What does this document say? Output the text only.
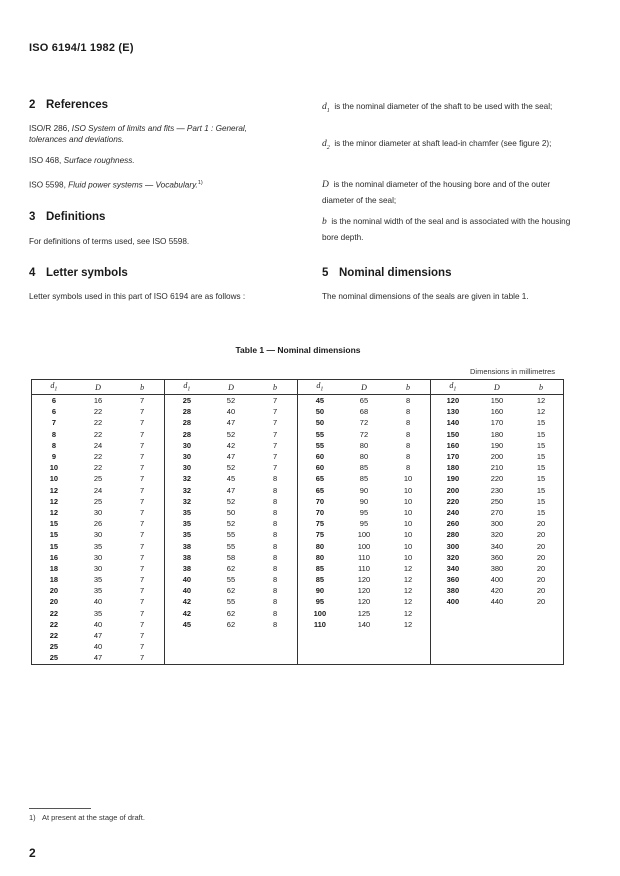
ISO 6194/1 1982 (E)
2 References
ISO/R 286, ISO System of limits and fits — Part 1 : General, tolerances and deviations.
ISO 468, Surface roughness.
ISO 5598, Fluid power systems — Vocabulary.$^{1)}$
3 Definitions
For definitions of terms used, see ISO 5598.
4 Letter symbols
Letter symbols used in this part of ISO 6194 are as follows :
$d_1$ is the nominal diameter of the shaft to be used with the seal;
$d_2$ is the minor diameter at shaft lead-in chamfer (see figure 2);
D is the nominal diameter of the housing bore and of the outer diameter of the seal;
b is the nominal width of the seal and is associated with the housing bore depth.
5 Nominal dimensions
The nominal dimensions of the seals are given in table 1.
Table 1 — Nominal dimensions
Dimensions in millimetres
$d_1$	D	b	$d_1$	D	b	$d_1$	D	b	$d_1$	D	b
6	16	7	25	52	7	45	65	8	120	150	12
6	22	7	28	40	7	50	68	8	130	160	12
7	22	7	28	47	7	50	72	8	140	170	15
8	22	7	28	52	7	55	72	8	150	180	15
8	24	7	30	42	7	55	80	8	160	190	15
9	22	7	30	47	7	60	80	8	170	200	15
10	22	7	30	52	7	60	85	8	180	210	15
10	25	7	32	45	8	65	85	10	190	220	15
12	24	7	32	47	8	65	90	10	200	230	15
12	25	7	32	52	8	70	90	10	220	250	15
12	30	7	35	50	8	70	95	10	240	270	15
15	26	7	35	52	8	75	95	10	260	300	20
15	30	7	35	55	8	75	100	10	280	320	20
15	35	7	38	55	8	80	100	10	300	340	20
16	30	7	38	58	8	80	110	10	320	360	20
18	30	7	38	62	8	85	110	12	340	380	20
18	35	7	40	55	8	85	120	12	360	400	20
20	35	7	40	62	8	90	120	12	380	420	20
20	40	7	42	55	8	95	120	12	400	440	20
22	35	7	42	62	8	100	125	12			
22	40	7	45	62	8	110	140	12			
22	47	7									
25	40	7									
25	47	7									
1) At present at the stage of draft.
2
